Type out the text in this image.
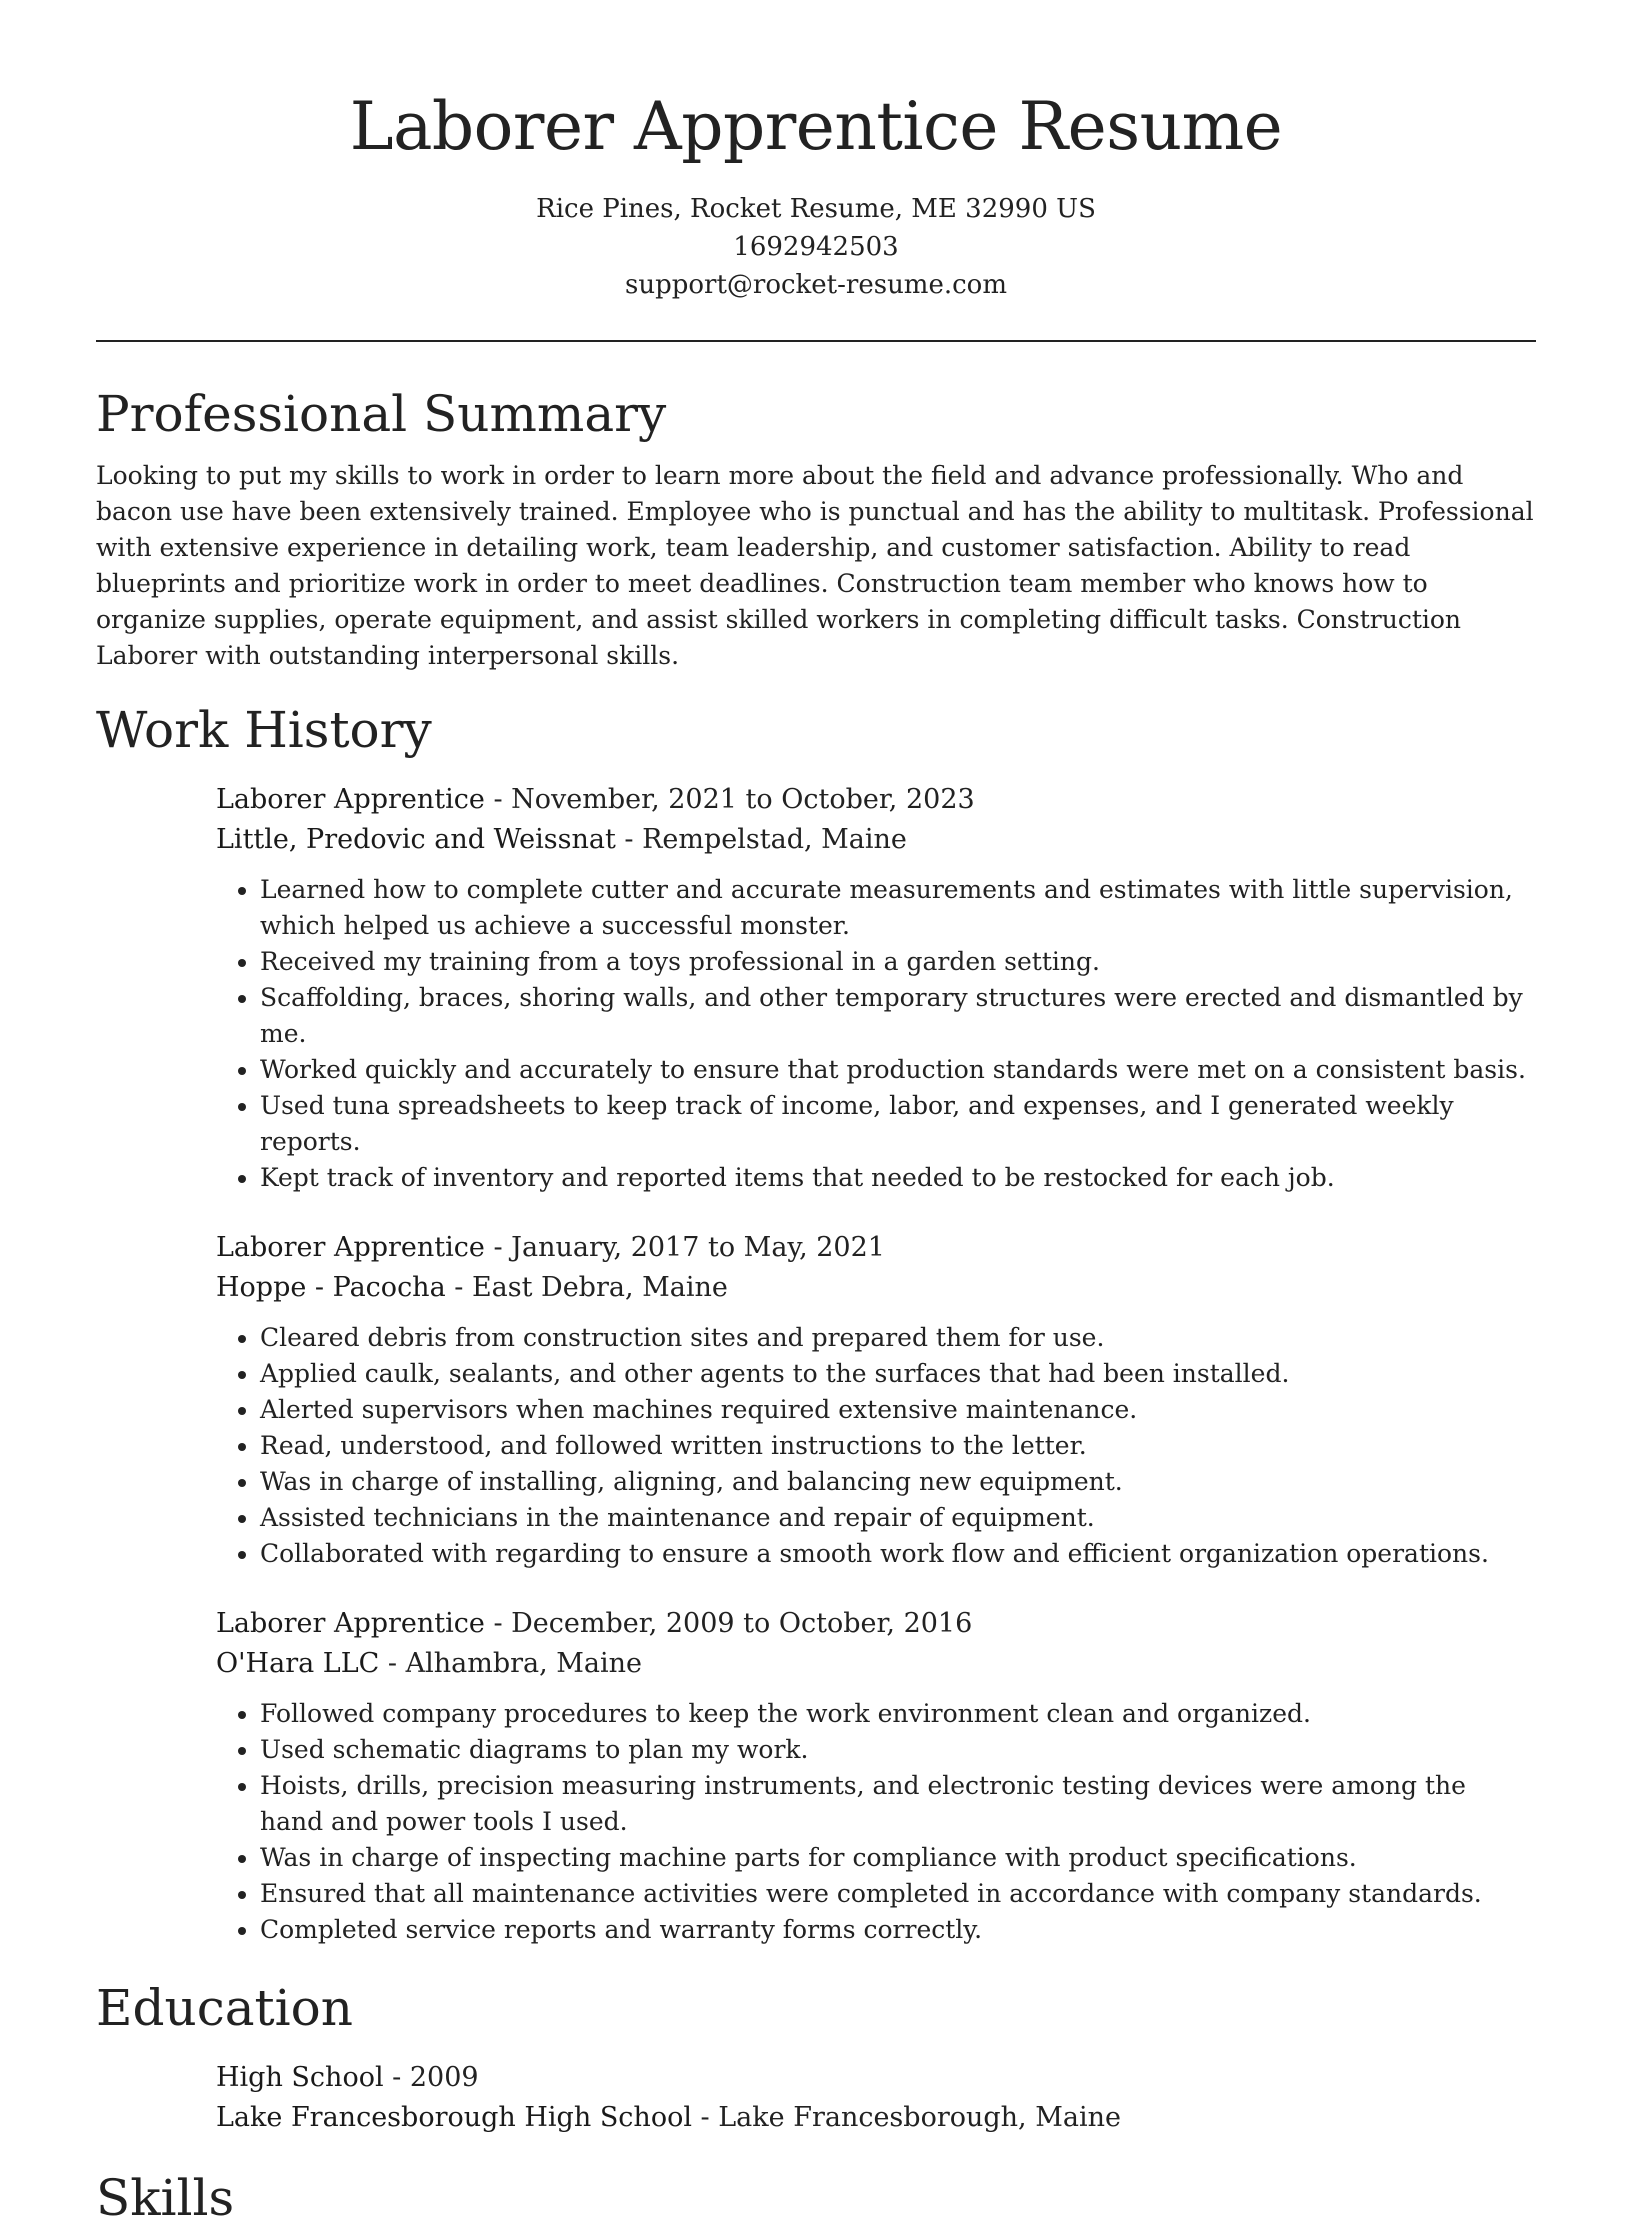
Laborer Apprentice Resume
Rice Pines, Rocket Resume, ME 32990 US
1692942503
support@rocket-resume.com
Professional Summary

Looking to put my skills to work in order to learn more about the field and advance professionally. Who and bacon use have been extensively trained. Employee who is punctual and has the ability to multitask. Professional with extensive experience in detailing work, team leadership, and customer satisfaction. Ability to read blueprints and prioritize work in order to meet deadlines. Construction team member who knows how to organize supplies, operate equipment, and assist skilled workers in completing difficult tasks. Construction Laborer with outstanding interpersonal skills.

Work History
Laborer Apprentice - November, 2021 to October, 2023
Little, Predovic and Weissnat - Rempelstad, Maine
• Learned how to complete cutter and accurate measurements and estimates with little supervision, which helped us achieve a successful monster.
• Received my training from a toys professional in a garden setting.
• Scaffolding, braces, shoring walls, and other temporary structures were erected and dismantled by me.
• Worked quickly and accurately to ensure that production standards were met on a consistent basis.
• Used tuna spreadsheets to keep track of income, labor, and expenses, and I generated weekly reports.
• Kept track of inventory and reported items that needed to be restocked for each job.
Laborer Apprentice - January, 2017 to May, 2021
Hoppe - Pacocha - East Debra, Maine
• Cleared debris from construction sites and prepared them for use.
• Applied caulk, sealants, and other agents to the surfaces that had been installed.
• Alerted supervisors when machines required extensive maintenance.
• Read, understood, and followed written instructions to the letter.
• Was in charge of installing, aligning, and balancing new equipment.
• Assisted technicians in the maintenance and repair of equipment.
• Collaborated with regarding to ensure a smooth work flow and efficient organization operations.
Laborer Apprentice - December, 2009 to October, 2016
O'Hara LLC - Alhambra, Maine
• Followed company procedures to keep the work environment clean and organized.
• Used schematic diagrams to plan my work.
• Hoists, drills, precision measuring instruments, and electronic testing devices were among the hand and power tools I used.
• Was in charge of inspecting machine parts for compliance with product specifications.
• Ensured that all maintenance activities were completed in accordance with company standards.
• Completed service reports and warranty forms correctly.
Education
High School - 2009
Lake Francesborough High School - Lake Francesborough, Maine
Skills
